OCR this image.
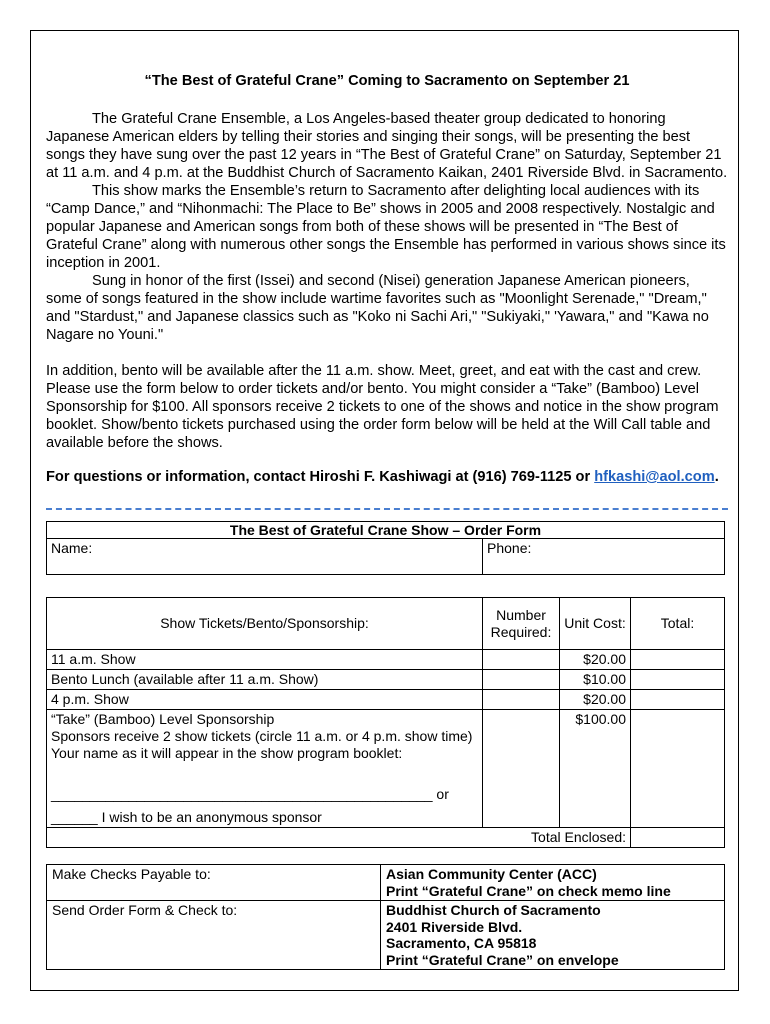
“The Best of Grateful Crane” Coming to Sacramento on September 21

The Grateful Crane Ensemble, a Los Angeles-based theater group dedicated to honoring Japanese American elders by telling their stories and singing their songs, will be presenting the best songs they have sung over the past 12 years in “The Best of Grateful Crane” on Saturday, September 21 at 11 a.m. and 4 p.m. at the Buddhist Church of Sacramento Kaikan, 2401 Riverside Blvd. in Sacramento.

This show marks the Ensemble’s return to Sacramento after delighting local audiences with its “Camp Dance,” and “Nihonmachi: The Place to Be” shows in 2005 and 2008 respectively. Nostalgic and popular Japanese and American songs from both of these shows will be presented in “The Best of Grateful Crane” along with numerous other songs the Ensemble has performed in various shows since its inception in 2001.

Sung in honor of the first (Issei) and second (Nisei) generation Japanese American pioneers, some of songs featured in the show include wartime favorites such as "Moonlight Serenade," "Dream," and "Stardust," and Japanese classics such as "Koko ni Sachi Ari," "Sukiyaki," 'Yawara," and "Kawa no Nagare no Youni."

In addition, bento will be available after the 11 a.m. show. Meet, greet, and eat with the cast and crew. Please use the form below to order tickets and/or bento. You might consider a “Take” (Bamboo) Level Sponsorship for $100. All sponsors receive 2 tickets to one of the shows and notice in the show program booklet. Show/bento tickets purchased using the order form below will be held at the Will Call table and available before the shows.

For questions or information, contact Hiroshi F. Kashiwagi at (916) 769-1125 or hfkashi@aol.com.

The Best of Grateful Crane Show – Order Form
Name:	Phone:
Show Tickets/Bento/Sponsorship:	Number Required:	Unit Cost:	Total:
11 a.m. Show		$20.00	
Bento Lunch (available after 11 a.m. Show)		$10.00	
4 p.m. Show		$20.00	

“Take” (Bamboo) Level Sponsorship
Sponsors receive 2 show tickets (circle 11 a.m. or 4 p.m. show time)
Your name as it will appear in the show program booklet:
_________________________________________________ or
______ I wish to be an anonymous sponsor		$100.00	
Total Enclosed:			
Make Checks Payable to:	Asian Community Center (ACC)
Print “Grateful Crane” on check memo line

Send Order Form & Check to:	Buddhist Church of Sacramento
2401 Riverside Blvd.
Sacramento, CA 95818
Print “Grateful Crane” on envelope
